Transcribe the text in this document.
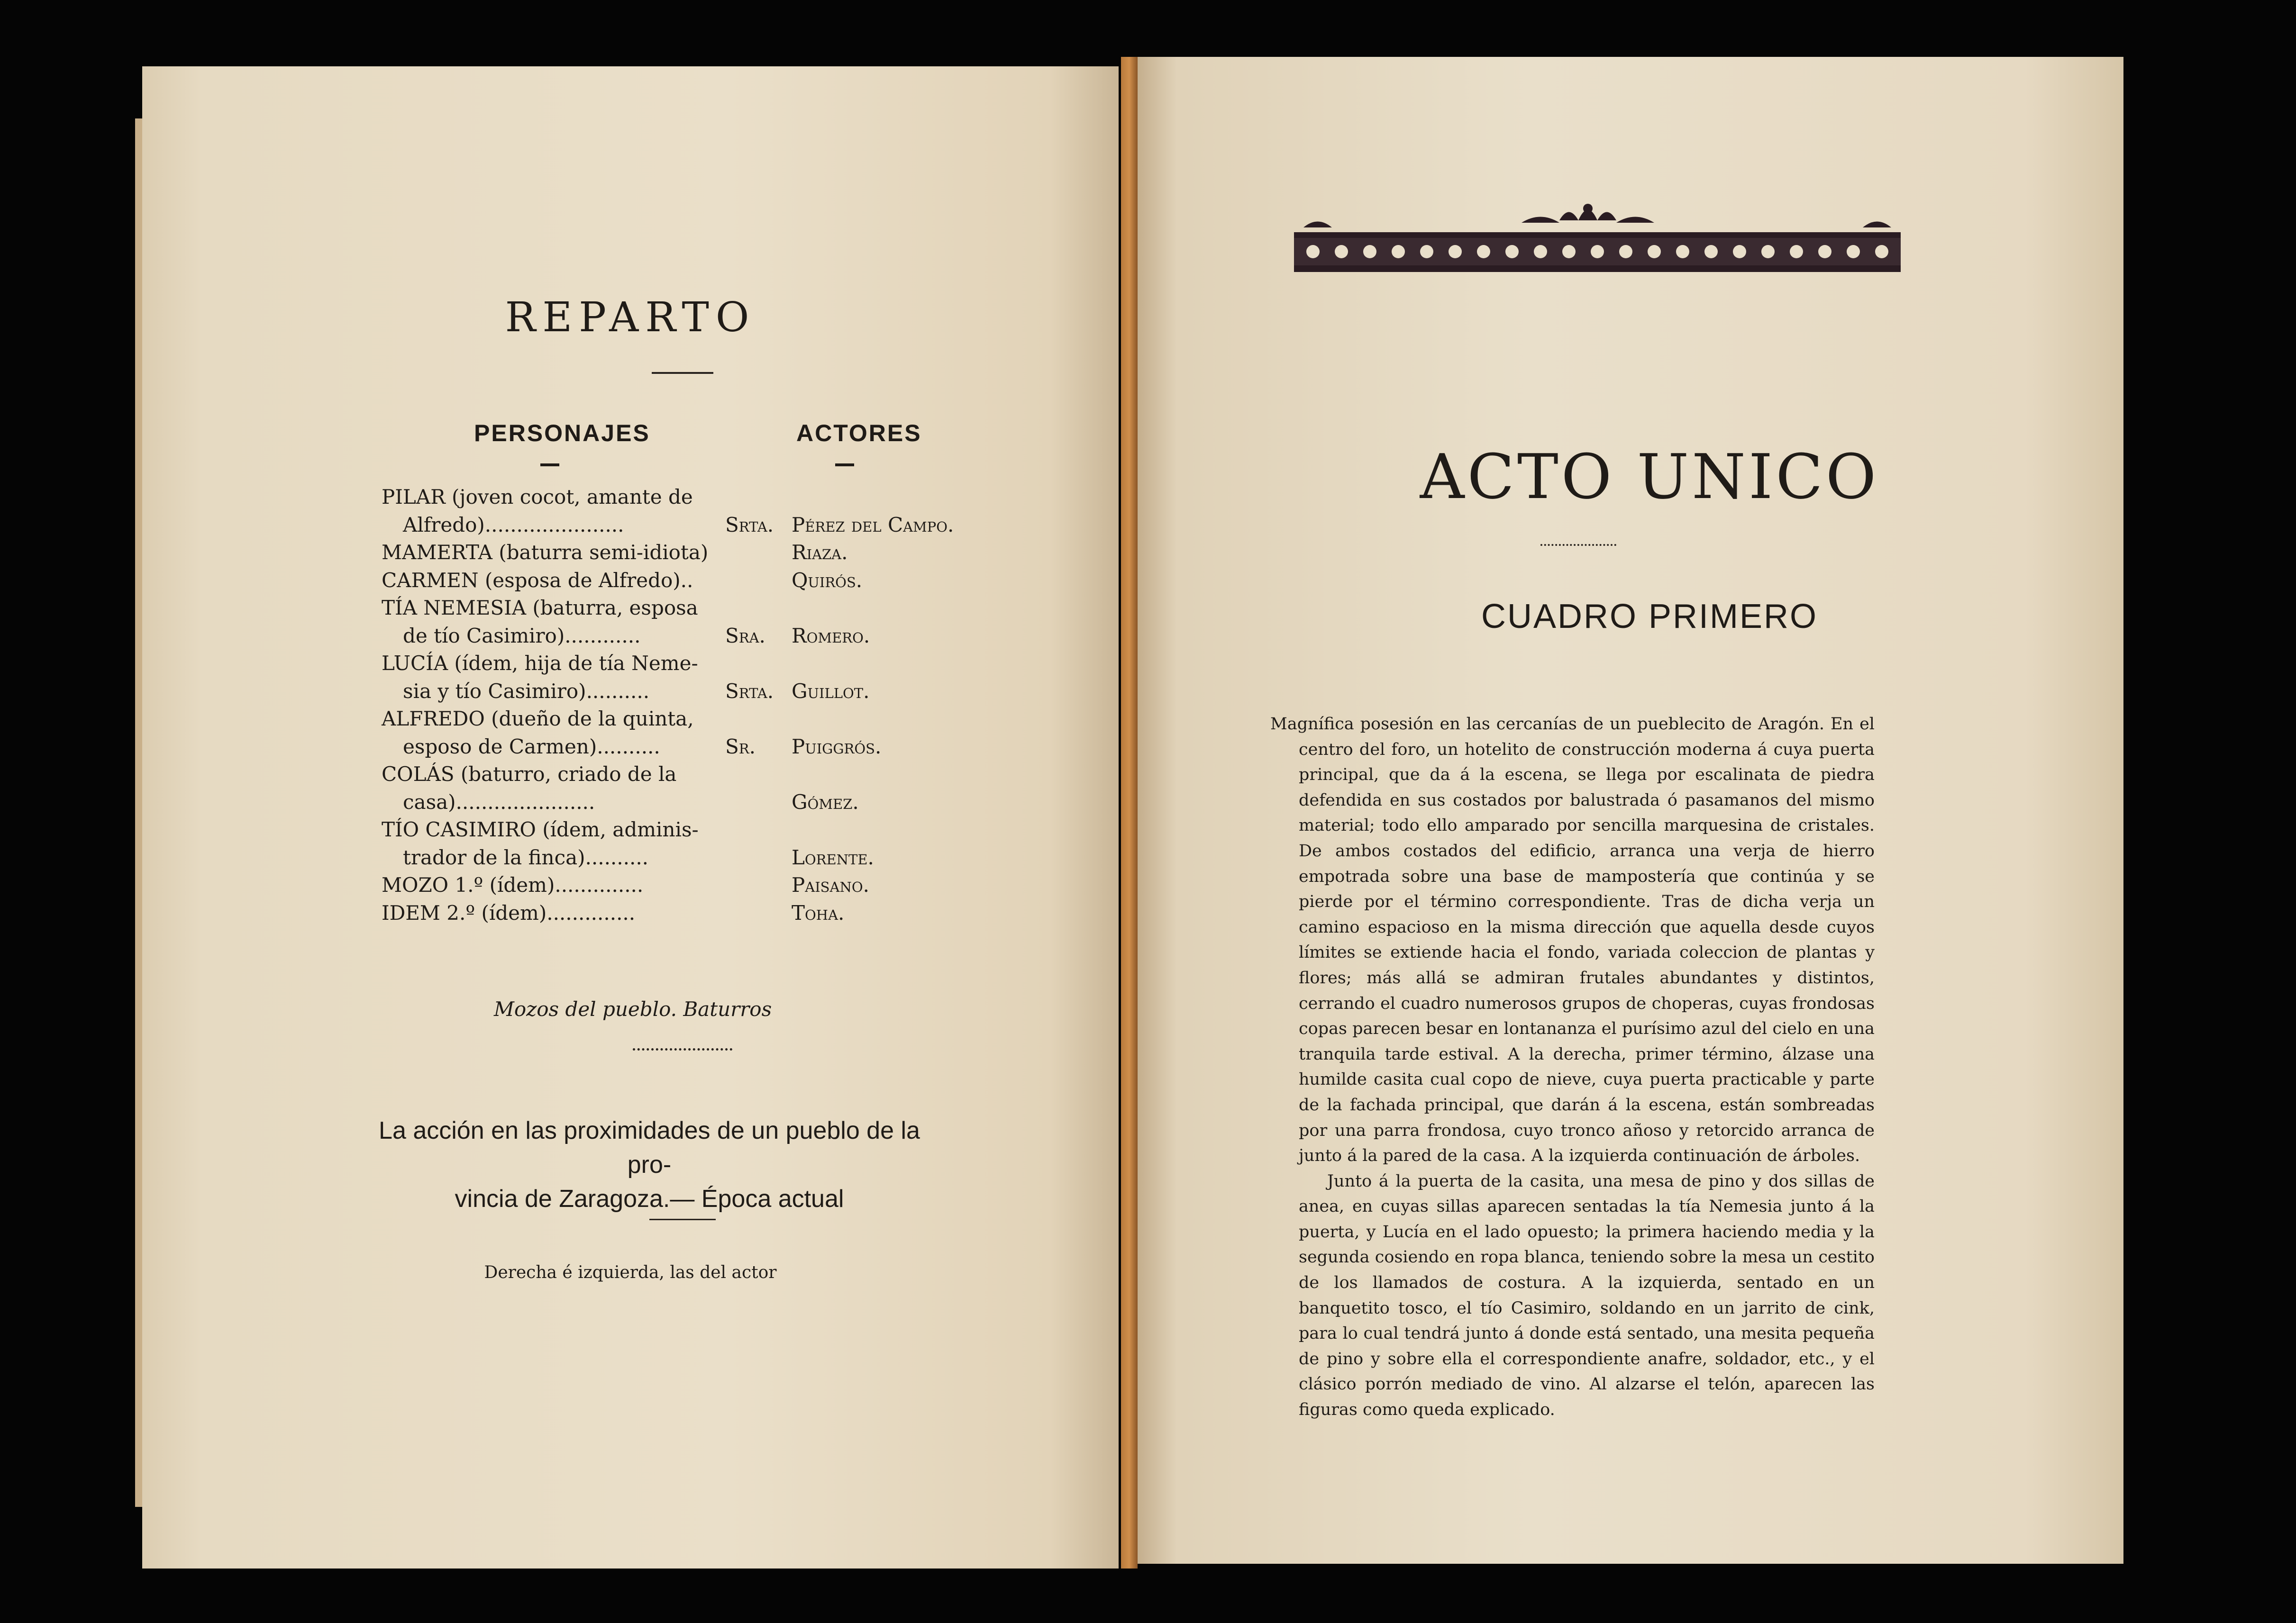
REPARTO
PERSONAJES	ACTORES
PILAR (joven cocot, amante de
Alfredo)......................	Srta. Pérez del Campo.
MAMERTA (baturra semi-idiota)	Riaza.
CARMEN (esposa de Alfredo)..	Quirós.
TÍA NEMESIA (baturra, esposa
de tío Casimiro)............	Sra. Romero.
LUCÍA (ídem, hija de tía Neme-
sia y tío Casimiro)..........	Srta. Guillot.
ALFREDO (dueño de la quinta,
esposo de Carmen)..........	Sr. Puiggrós.
COLÁS (baturro, criado de la
casa)......................	Gómez.
TÍO CASIMIRO (ídem, adminis-
trador de la finca)..........	Lorente.
MOZO 1.º (ídem)..............	Paisano.
IDEM 2.º (ídem)..............	Toha.
Mozos del pueblo. Baturros
La acción en las proximidades de un pueblo de la pro-
vincia de Zaragoza.— Época actual
Derecha é izquierda, las del actor
ACTO UNICO
CUADRO PRIMERO

Magnífica posesión en las cercanías de un pueblecito de Aragón. En el centro del foro, un hotelito de construcción moderna á cuya puerta principal, que da á la escena, se llega por escalinata de piedra defendida en sus costados por balustrada ó pasamanos del mismo material; todo ello amparado por sencilla marquesina de cristales. De ambos costados del edificio, arranca una verja de hierro empotrada sobre una base de mampostería que continúa y se pierde por el término correspondiente. Tras de dicha verja un camino espacioso en la misma dirección que aquella desde cuyos límites se extiende hacia el fondo, variada coleccion de plantas y flores; más allá se admiran frutales abundantes y distintos, cerrando el cuadro numerosos grupos de choperas, cuyas frondosas copas parecen besar en lontananza el purísimo azul del cielo en una tranquila tarde estival. A la derecha, primer término, álzase una humilde casita cual copo de nieve, cuya puerta practicable y parte de la fachada principal, que darán á la escena, están sombreadas por una parra frondosa, cuyo tronco añoso y retorcido arranca de junto á la pared de la casa. A la izquierda continuación de árboles.

Junto á la puerta de la casita, una mesa de pino y dos sillas de anea, en cuyas sillas aparecen sentadas la tía Nemesia junto á la puerta, y Lucía en el lado opuesto; la primera haciendo media y la segunda cosiendo en ropa blanca, teniendo sobre la mesa un cestito de los llamados de costura. A la izquierda, sentado en un banquetito tosco, el tío Casimiro, soldando en un jarrito de cink, para lo cual tendrá junto á donde está sentado, una mesita pequeña de pino y sobre ella el correspondiente anafre, soldador, etc., y el clásico porrón mediado de vino. Al alzarse el telón, aparecen las figuras como queda explicado.
